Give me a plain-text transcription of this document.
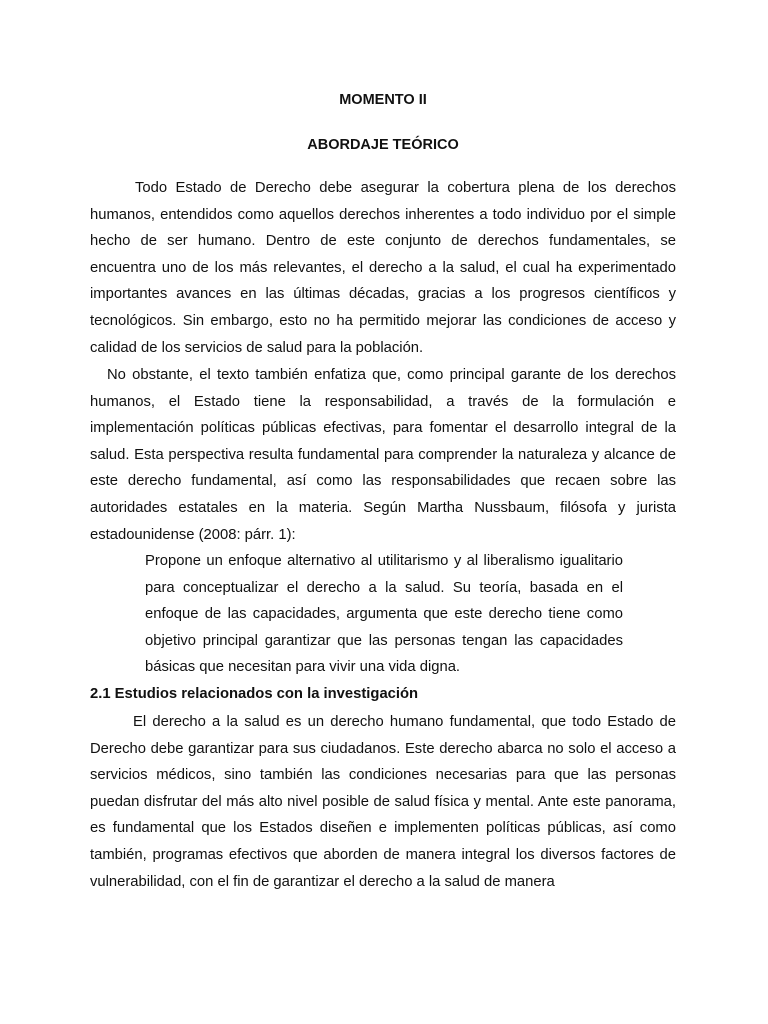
MOMENTO II
ABORDAJE TEÓRICO

Todo Estado de Derecho debe asegurar la cobertura plena de los derechos humanos, entendidos como aquellos derechos inherentes a todo individuo por el simple hecho de ser humano. Dentro de este conjunto de derechos fundamentales, se encuentra uno de los más relevantes, el derecho a la salud, el cual ha experimentado importantes avances en las últimas décadas, gracias a los progresos científicos y tecnológicos. Sin embargo, esto no ha permitido mejorar las condiciones de acceso y calidad de los servicios de salud para la población.

No obstante, el texto también enfatiza que, como principal garante de los derechos humanos, el Estado tiene la responsabilidad, a través de la formulación e implementación políticas públicas efectivas, para fomentar el desarrollo integral de la salud. Esta perspectiva resulta fundamental para comprender la naturaleza y alcance de este derecho fundamental, así como las responsabilidades que recaen sobre las autoridades estatales en la materia. Según Martha Nussbaum, filósofa y jurista estadounidense (2008: párr. 1):

Propone un enfoque alternativo al utilitarismo y al liberalismo igualitario para conceptualizar el derecho a la salud. Su teoría, basada en el enfoque de las capacidades, argumenta que este derecho tiene como objetivo principal garantizar que las personas tengan las capacidades básicas que necesitan para vivir una vida digna.
2.1 Estudios relacionados con la investigación

El derecho a la salud es un derecho humano fundamental, que todo Estado de Derecho debe garantizar para sus ciudadanos. Este derecho abarca no solo el acceso a servicios médicos, sino también las condiciones necesarias para que las personas puedan disfrutar del más alto nivel posible de salud física y mental. Ante este panorama, es fundamental que los Estados diseñen e implementen políticas públicas, así como también, programas efectivos que aborden de manera integral los diversos factores de vulnerabilidad, con el fin de garantizar el derecho a la salud de manera
